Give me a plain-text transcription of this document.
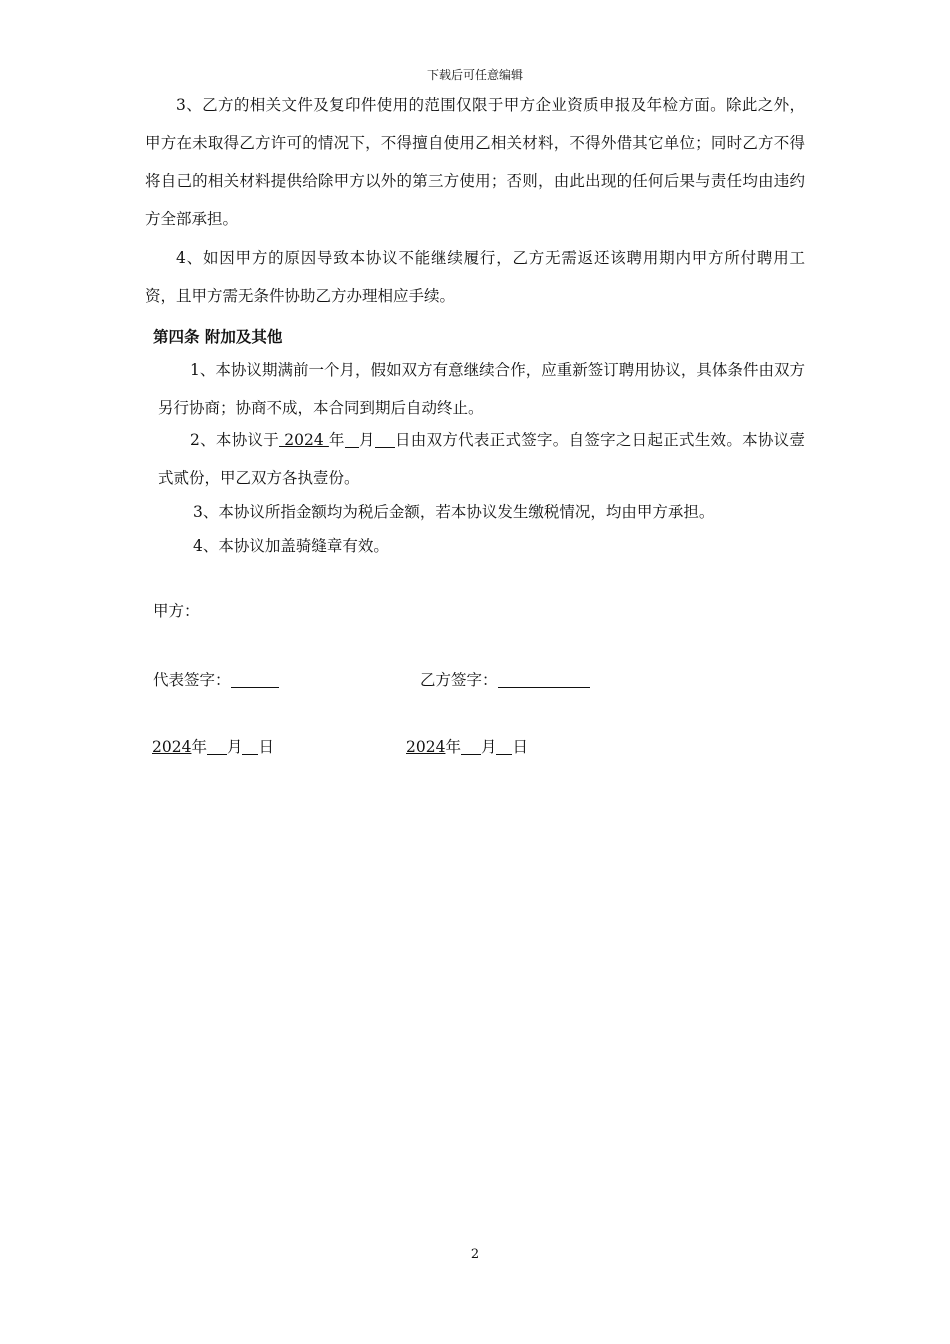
下载后可任意编辑
3、乙方的相关文件及复印件使用的范围仅限于甲方企业资质申报及年检方面。除此之外，甲方在未取得乙方许可的情况下，不得擅自使用乙相关材料，不得外借其它单位；同时乙方不得将自己的相关材料提供给除甲方以外的第三方使用；否则，由此出现的任何后果与责任均由违约方全部承担。
4、如因甲方的原因导致本协议不能继续履行，乙方无需返还该聘用期内甲方所付聘用工资，且甲方需无条件协助乙方办理相应手续。
第四条 附加及其他
1、本协议期满前一个月，假如双方有意继续合作，应重新签订聘用协议，具体条件由双方另行协商；协商不成，本合同到期后自动终止。
2、本协议于 2024 年 月 日由双方代表正式签字。自签字之日起正式生效。本协议壹式贰份，甲乙双方各执壹份。
3、本协议所指金额均为税后金额，若本协议发生缴税情况，均由甲方承担。
4、本协议加盖骑缝章有效。
甲方：
代表签字：	乙方签字：
2024年 月 日	2024年 月 日
2
